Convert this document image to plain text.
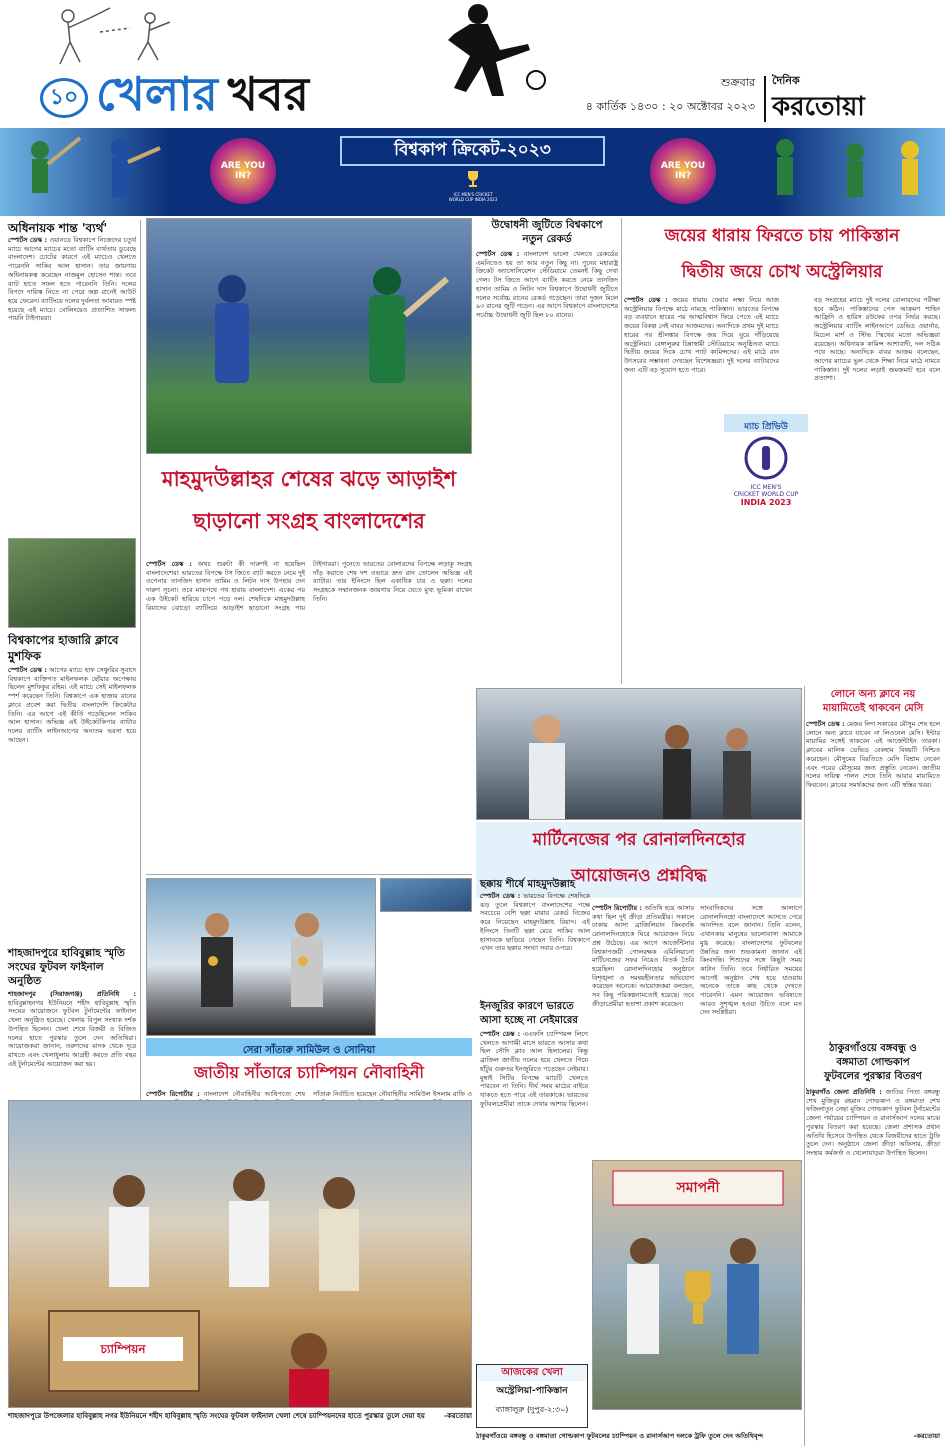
১০ খেলার খবর	শুক্রবার
৪ কার্তিক ১৪৩০ : ২০ অক্টোবর ২০২৩
দৈনিক
করতোয়া
ARE YOU IN?
বিশ্বকাপ ক্রিকেট-২০২৩
ICC MEN'S CRICKET WORLD CUP INDIA 2023
ARE YOU IN?
অধিনায়ক শান্ত 'ব্যর্থ'
স্পোর্টস ডেস্ক : ওয়ানডে বিশ্বকাপে নিজেদের চতুর্থ ম্যাচে আগের ম্যাচের মতো ব্যাটিং ব্যর্থতায় ডুবেছে বাংলাদেশ। চোটের কারণে এই ম্যাচেও খেলতে পারেননি সাকিব আল হাসান। তার জায়গায় অধিনায়কত্ব করেছেন নাজমুল হোসেন শান্ত। তবে ব্যাট হাতে সফল হতে পারেননি তিনি। দলের বিপদে দায়িত্ব নিতে না পেরে অল্প রানেই আউট হয়ে ফেরেন। ব্যাটিংয়ে দলের দুর্বলতা আবারও স্পষ্ট হয়েছে এই ম্যাচে। বোলিংয়েও প্রত্যাশিত সাফল্য পায়নি টাইগাররা।
বিশ্বকাপের হাজারি ক্লাবে মুশফিক
স্পোর্টস ডেস্ক : আগের ম্যাচে হাফ সেঞ্চুরির সুবাদে বিশ্বকাপে ব্যক্তিগত মাইলফলক ছোঁয়ার অপেক্ষায় ছিলেন মুশফিকুর রহিম। এই ম্যাচে সেই মাইলফলক স্পর্শ করেছেন তিনি। বিশ্বকাপে এক হাজার রানের ক্লাবে প্রবেশ করা দ্বিতীয় বাংলাদেশি ক্রিকেটার তিনি। এর আগে এই কীর্তি গড়েছিলেন সাকিব আল হাসান। অভিজ্ঞ এই উইকেটকিপার ব্যাটার দলের ব্যাটিং লাইনআপের অন্যতম ভরসা হয়ে আছেন।
শাহজাদপুরে হাবিবুল্লাহ স্মৃতি সংঘের ফুটবল ফাইনাল অনুষ্ঠিত
শাহজাদপুর (সিরাজগঞ্জ) প্রতিনিধি : হাবিবুল্লাহনগর ইউনিয়নে শহীদ হাবিবুল্লাহ স্মৃতি সংঘের আয়োজনে ফুটবল টুর্নামেন্টের ফাইনাল খেলা অনুষ্ঠিত হয়েছে। খেলায় বিপুল সংখ্যক দর্শক উপস্থিত ছিলেন। খেলা শেষে বিজয়ী ও বিজিত দলের হাতে পুরস্কার তুলে দেন অতিথিরা। আয়োজকরা জানান, তরুণদের মাদক থেকে দূরে রাখতে এবং খেলাধুলায় আগ্রহী করতে প্রতি বছর এই টুর্নামেন্টের আয়োজন করা হয়।
মাহমুদউল্লাহর শেষের ঝড়ে আড়াইশ
ছাড়ানো সংগ্রহ বাংলাদেশের
স্পোর্টস ডেস্ক : অথচ শুরুটা কী দারুণই না হয়েছিল বাংলাদেশের! ভারতের বিপক্ষে টস জিতে ব্যাট করতে নেমে দুই ওপেনার তানজিদ হাসান তামিম ও লিটন দাস উপহার দেন দারুণ সূচনা। তবে মাঝপথে পথ হারায় বাংলাদেশ। একের পর এক উইকেট হারিয়ে চাপে পড়ে দল। শেষদিকে মাহমুদউল্লাহ রিয়াদের ঝোড়ো ব্যাটিংয়ে আড়াইশ ছাড়ানো সংগ্রহ পায় টাইগাররা। পুনেতে ভারতের বোলারদের বিপক্ষে লড়াকু সংগ্রহ দাঁড় করাতে শেষ দশ ওভারে দ্রুত রান তোলেন অভিজ্ঞ এই ব্যাটার। তার ইনিংসে ছিল একাধিক চার ও ছক্কা। দলের সংগ্রহকে সম্মানজনক জায়গায় নিয়ে যেতে মুখ্য ভূমিকা রাখেন তিনি।
উদ্বোধনী জুটিতে বিশ্বকাপে
নতুন রেকর্ড
স্পোর্টস ডেস্ক : বাংলাদেশ ভালো খেলতে রেকর্ডের এমনিতেও হয় তা আর নতুন কিছু না। পুনের মহারাষ্ট্র ক্রিকেট অ্যাসোসিয়েশন স্টেডিয়ামে তেমনই কিছু দেখা গেল। টস জিতে আগে ব্যাটিং করতে নেমে তানজিদ হাসান তামিম ও লিটন দাস বিশ্বকাপে উদ্বোধনী জুটিতে দলের সর্বোচ্চ রানের রেকর্ড গড়েছেন। তারা দুজন মিলে ৯৩ রানের জুটি গড়েন। এর আগে বিশ্বকাপে বাংলাদেশের সর্বোচ্চ উদ্বোধনী জুটি ছিল ৮০ রানের।
জয়ের ধারায় ফিরতে চায় পাকিস্তান
দ্বিতীয় জয়ে চোখ অস্ট্রেলিয়ার
স্পোর্টস ডেস্ক : জয়ের ধারায় ফেরার লক্ষ্য নিয়ে আজ অস্ট্রেলিয়ার বিপক্ষে মাঠে নামছে পাকিস্তান। ভারতের বিপক্ষে বড় ব্যবধানে হারের পর আত্মবিশ্বাস ফিরে পেতে এই ম্যাচে জয়ের বিকল্প নেই বাবর আজমদের। অন্যদিকে প্রথম দুই ম্যাচে হারের পর শ্রীলঙ্কার বিপক্ষে জয় দিয়ে ঘুরে দাঁড়িয়েছে অস্ট্রেলিয়া। বেঙ্গালুরুর চিন্নাস্বামী স্টেডিয়ামে অনুষ্ঠিতব্য ম্যাচে দ্বিতীয় জয়ের দিকে চোখ প্যাট কামিন্সদের। এই মাঠে রান উৎসবের সম্ভাবনা দেখছেন বিশেষজ্ঞরা। দুই দলের ব্যাটারদের জন্য এটি বড় সুযোগ হতে পারে।
ম্যাচ প্রিভিউ
ICC MEN'S
CRICKET WORLD CUP
INDIA 2023
বড় সংগ্রহের ম্যাচে দুই দলের বোলারদের পরীক্ষা হবে কঠিন। পাকিস্তানের পেস আক্রমণ শাহিন আফ্রিদি ও হারিস রউফের ওপর নির্ভর করছে। অস্ট্রেলিয়ার ব্যাটিং লাইনআপে ডেভিড ওয়ার্নার, মিচেল মার্শ ও স্টিভ স্মিথের মতো অভিজ্ঞরা রয়েছেন। অধিনায়ক কামিন্স আশাবাদী, দল সঠিক পথে আছে। অন্যদিকে বাবর আজম বলেছেন, আগের ম্যাচের ভুল থেকে শিক্ষা নিয়ে মাঠে নামবে পাকিস্তান। দুই দলের লড়াই জমজমাট হবে বলে প্রত্যাশা।
লোনে অন্য ক্লাবে নয়
মায়ামিতেই থাকবেন মেসি
স্পোর্টস ডেস্ক : মেজর লিগ সকারের মৌসুম শেষ হলে লোনে অন্য ক্লাবে যাবেন না লিওনেল মেসি। ইন্টার মায়ামির সঙ্গেই থাকবেন এই আর্জেন্টাইন তারকা। ক্লাবের মালিক ডেভিড বেকহাম বিষয়টি নিশ্চিত করেছেন। মৌসুমের বিরতিতে মেসি বিশ্রাম নেবেন এবং পরের মৌসুমের জন্য প্রস্তুতি নেবেন। জাতীয় দলের দায়িত্ব পালন শেষে তিনি আবার মায়ামিতে ফিরবেন। ক্লাবের সমর্থকদের জন্য এটি স্বস্তির খবর।
মার্টিনেজের পর রোনালদিনহোর
আয়োজনও প্রশ্নবিদ্ধ
স্পোর্টস রিপোর্টার : অতিথি হয়ে আসার কথা ছিল দুই ক্রীড়া প্রতিমন্ত্রীর। সকালে ঢাকায় আসা ব্রাজিলিয়ান কিংবদন্তি রোনালদিনহোকে ঘিরে আয়োজন নিয়ে প্রশ্ন উঠেছে। এর আগে আর্জেন্টিনার বিশ্বকাপজয়ী গোলরক্ষক এমিলিয়ানো মার্টিনেজের সফর নিয়েও বিতর্ক তৈরি হয়েছিল। রোনালদিনহোর অনুষ্ঠানে বিশৃঙ্খলা ও সমন্বয়হীনতার অভিযোগ করেছেন অনেকে। আয়োজকরা বলছেন, সব কিছু পরিকল্পনামতোই হয়েছে। তবে ক্রীড়াপ্রেমীরা হতাশা প্রকাশ করেছেন।
সাংবাদিকদের সঙ্গে আলাপে রোনালদিনহো বাংলাদেশে আসতে পেরে আনন্দিত বলে জানান। তিনি বলেন, এখানকার মানুষের ভালোবাসা আমাকে মুগ্ধ করেছে। বাংলাদেশের ফুটবলের উন্নতির জন্য শুভকামনা জানান এই কিংবদন্তি। শিশুদের সঙ্গে কিছুটা সময় কাটান তিনি। তবে নির্ধারিত সময়ের আগেই অনুষ্ঠান শেষ হয়ে যাওয়ায় অনেকে তাকে কাছ থেকে দেখতে পারেননি। এমন আয়োজন ভবিষ্যতে আরও সুশৃঙ্খল হওয়া উচিত বলে মত দেন সংশ্লিষ্টরা।
ছক্কায় শীর্ষে মাহমুদউল্লাহ
স্পোর্টস ডেস্ক : ভারতের বিপক্ষে শেষদিকে ঝড় তুলে বিশ্বকাপে বাংলাদেশের পক্ষে সবচেয়ে বেশি ছক্কা মারার রেকর্ড নিজের করে নিয়েছেন মাহমুদউল্লাহ রিয়াদ। এই ইনিংসে তিনটি ছক্কা মেরে সাকিব আল হাসানকে ছাড়িয়ে গেছেন তিনি। বিশ্বকাপে এখন তার ছক্কার সংখ্যা সবার ওপরে।
ইনজুরির কারণে ভারতে
আসা হচ্ছে না নেইমারের
স্পোর্টস ডেস্ক : এএফসি চ্যাম্পিয়ন্স লিগে খেলতে আগামী মাসে ভারতে আসার কথা ছিল সৌদি ক্লাব আল হিলালের। কিন্তু ব্রাজিল জাতীয় দলের হয়ে খেলতে গিয়ে হাঁটুর গুরুতর ইনজুরিতে পড়েছেন নেইমার। মুম্বাই সিটির বিপক্ষে ম্যাচটি খেলতে পারবেন না তিনি। দীর্ঘ সময় মাঠের বাইরে থাকতে হতে পারে এই তারকাকে। ভারতের ফুটবলপ্রেমীরা তাকে দেখার আশায় ছিলেন।
সেরা সাঁতারু সামিউল ও সোনিয়া
জাতীয় সাঁতারে চ্যাম্পিয়ন নৌবাহিনী
স্পোর্টস রিপোর্টার : বাংলাদেশ নৌবাহিনীর আধিপত্যে শেষ সাঁতারু নির্বাচিত হয়েছেন নৌবাহিনীর সামিউল ইসলাম রাফি ও
চ্যাম্পিয়ন
শাহজাদপুরে উপজেলার হাবিবুল্লাহ নগর ইউনিয়নে শহীদ হাবিবুল্লাহ স্মৃতি সংঘের ফুটবল ফাইনাল খেলা শেষে চ্যাম্পিয়নদের হাতে পুরস্কার তুলে দেয়া হয়	-করতোয়া
আজকের খেলা
অস্ট্রেলিয়া-পাকিস্তান
ব্যাঙ্গালুরু (দুপুর-২:৩০)
ঠাকুরগাঁওয়ে বঙ্গবন্ধু ও
বঙ্গমাতা গোল্ডকাপ
ফুটবলের পুরস্কার বিতরণ
ঠাকুরগাঁও জেলা প্রতিনিধি : জাতির পিতা বঙ্গবন্ধু শেখ মুজিবুর রহমান গোল্ডকাপ ও বঙ্গমাতা শেখ ফজিলাতুন নেছা মুজিব গোল্ডকাপ ফুটবল টুর্নামেন্টের জেলা পর্যায়ের চ্যাম্পিয়ন ও রানার্সআপ দলের মাঝে পুরস্কার বিতরণ করা হয়েছে। জেলা প্রশাসক প্রধান অতিথি হিসেবে উপস্থিত থেকে বিজয়ীদের হাতে ট্রফি তুলে দেন। অনুষ্ঠানে জেলা ক্রীড়া অফিসার, ক্রীড়া সংস্থার কর্মকর্তা ও খেলোয়াড়রা উপস্থিত ছিলেন।
সমাপনী
ঠাকুরগাঁওয়ে বঙ্গবন্ধু ও বঙ্গমাতা গোল্ডকাপ ফুটবলের চ্যাম্পিয়ন ও রানার্সআপ দলকে ট্রফি তুলে দেন অতিথিবৃন্দ	-করতোয়া
